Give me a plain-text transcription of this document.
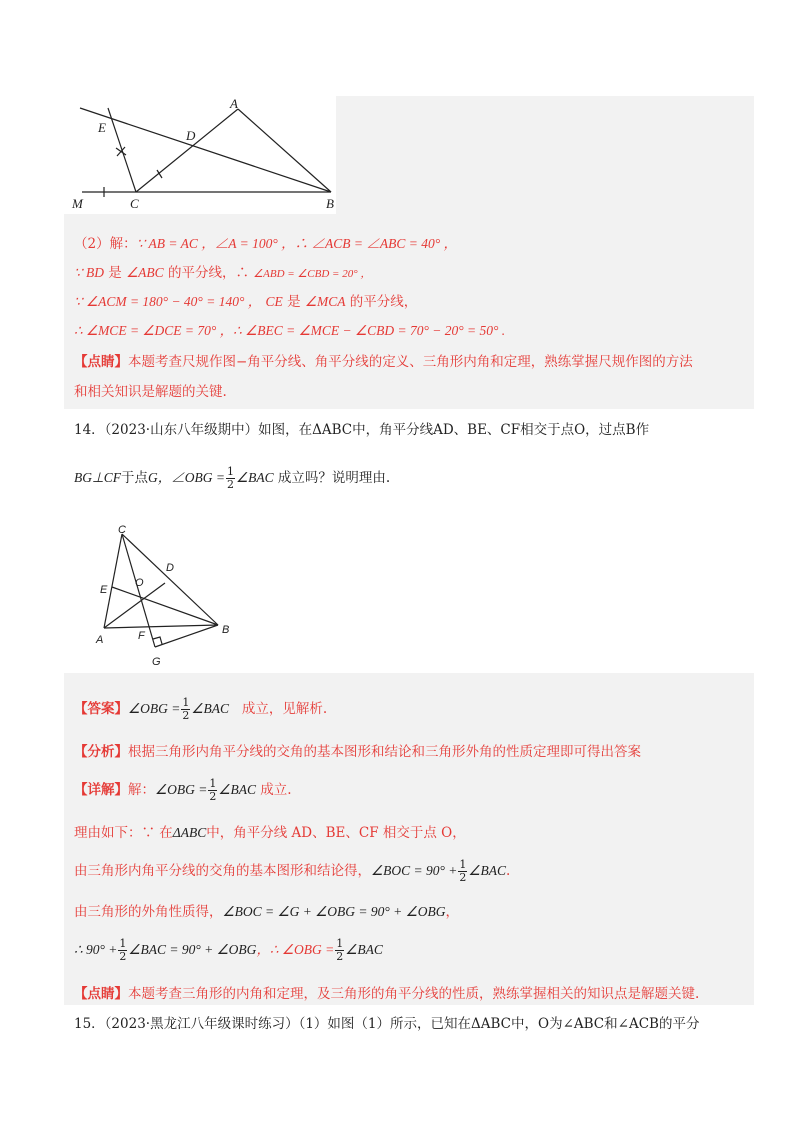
A
E
D
M	C	B
（2）解：∵ AB = AC ，∠A = 100° ，∴ ∠ACB = ∠ABC = 40° ，
∵ BD 是 ∠ABC 的平分线，∴ ∠ABD = ∠CBD = 20° ，
∵ ∠ACM = 180° − 40° = 140° ， CE 是 ∠MCA 的平分线，
∴ ∠MCE = ∠DCE = 70° ，∴ ∠BEC = ∠MCE − ∠CBD = 70° − 20° = 50° .
【点睛】本题考查尺规作图−角平分线、角平分线的定义、三角形内角和定理，熟练掌握尺规作图的方法
和相关知识是解题的关键.
14．（2023·山东八年级期中）如图，在ΔABC中，角平分线AD、BE、CF相交于点O，过点B作
BG⊥CF于点G，∠OBG = $\frac{1}{2}$ ∠BAC 成立吗？说明理由.
C
D
E
O
A	F	B
G
【答案】∠OBG = $\frac{1}{2}$ ∠BAC 成立，见解析.
【分析】根据三角形内角平分线的交角的基本图形和结论和三角形外角的性质定理即可得出答案
【详解】解：∠OBG = $\frac{1}{2}$ ∠BAC 成立.
理由如下：∵ 在ΔABC中，角平分线 AD、BE、CF 相交于点 O，
由三角形内角平分线的交角的基本图形和结论得，∠BOC = $90^\circ + \frac{1}{2}$ ∠BAC.
由三角形的外角性质得，∠BOC = ∠G + ∠OBG = 90° + ∠OBG，
∴ $90^\circ + \frac{1}{2}$ ∠BAC = 90° + ∠OBG，∴ ∠OBG = $\frac{1}{2}$ ∠BAC
【点睛】本题考查三角形的内角和定理，及三角形的角平分线的性质，熟练掌握相关的知识点是解题关键.
15．（2023·黑龙江八年级课时练习）（1）如图（1）所示，已知在ΔABC中，O为∠ABC和∠ACB的平分
